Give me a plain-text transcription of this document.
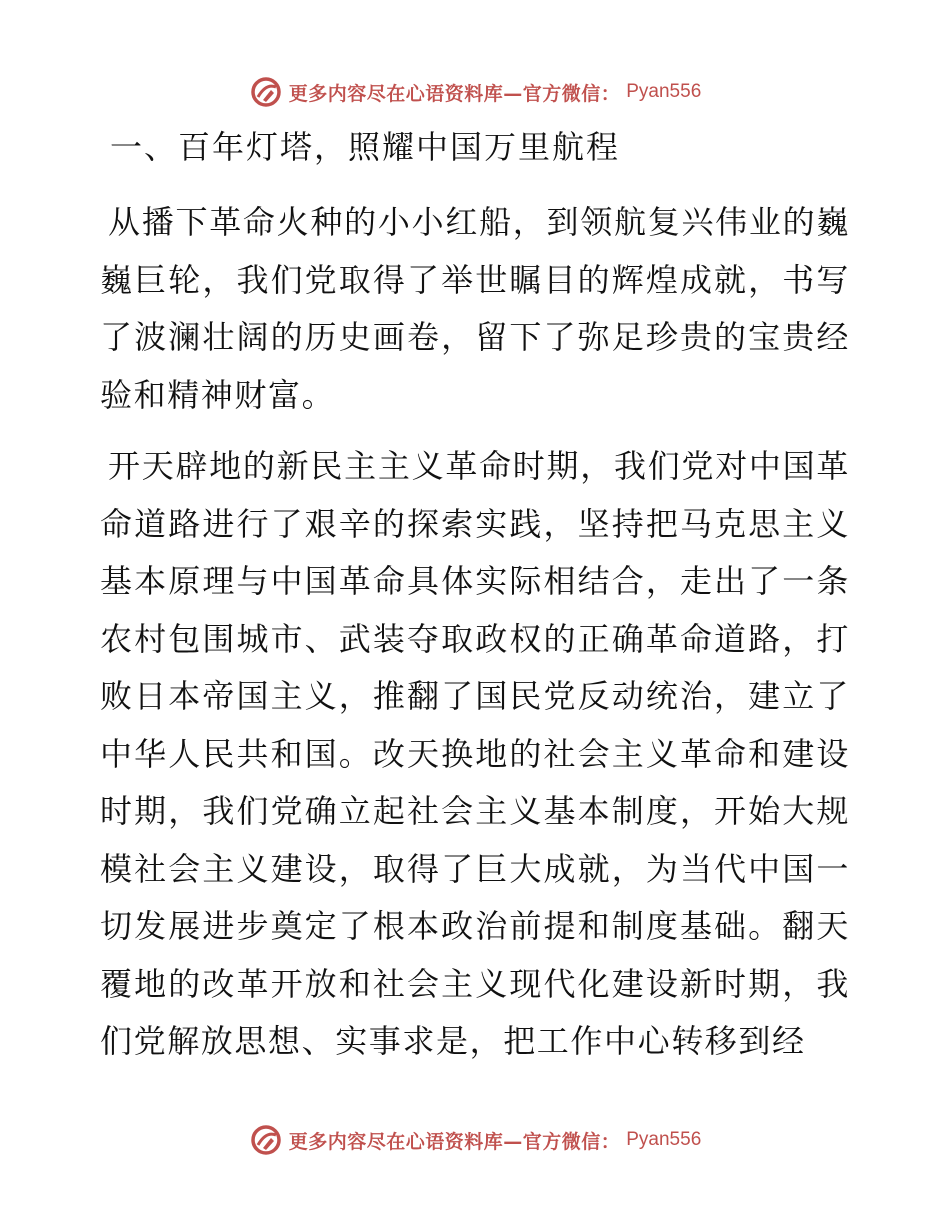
更多内容尽在心语资料库—官方微信： Pyan556
一、百年灯塔，照耀中国万里航程

从播下革命火种的小小红船，到领航复兴伟业的巍巍巨轮，我们党取得了举世瞩目的辉煌成就，书写了波澜壮阔的历史画卷，留下了弥足珍贵的宝贵经验和精神财富。

开天辟地的新民主主义革命时期，我们党对中国革命道路进行了艰辛的探索实践，坚持把马克思主义基本原理与中国革命具体实际相结合，走出了一条农村包围城市、武装夺取政权的正确革命道路，打败日本帝国主义，推翻了国民党反动统治，建立了中华人民共和国。改天换地的社会主义革命和建设时期，我们党确立起社会主义基本制度，开始大规模社会主义建设，取得了巨大成就，为当代中国一切发展进步奠定了根本政治前提和制度基础。翻天覆地的改革开放和社会主义现代化建设新时期，我们党解放思想、实事求是，把工作中心转移到经

更多内容尽在心语资料库—官方微信： Pyan556
